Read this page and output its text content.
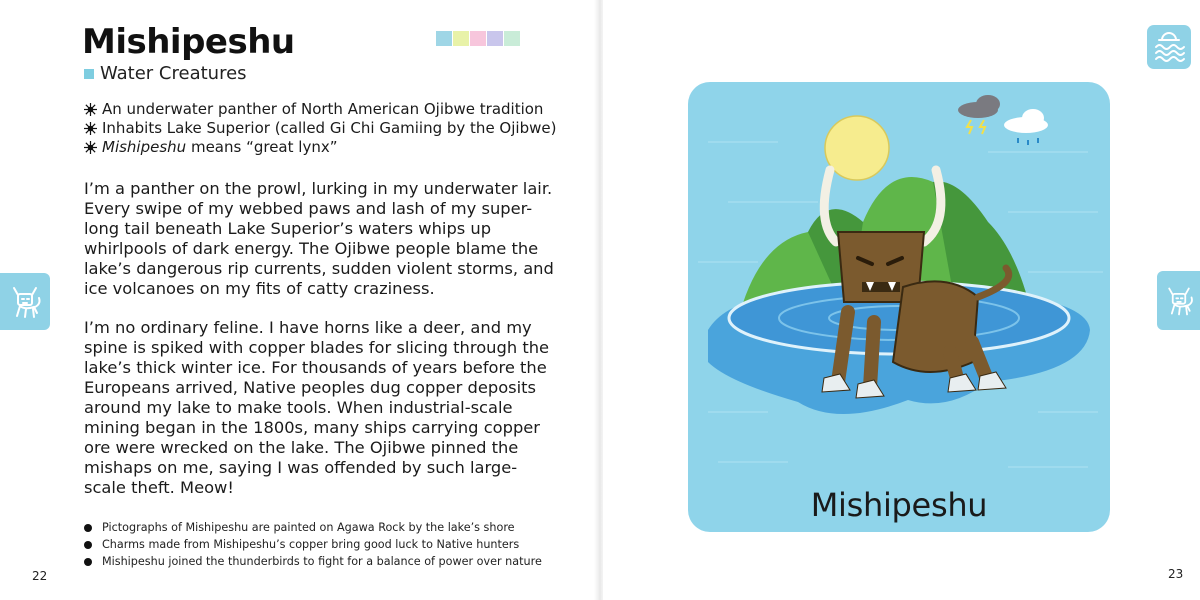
Mishipeshu
Water Creatures
An underwater panther of North American Ojibwe tradition
Inhabits Lake Superior (called Gi Chi Gamiing by the Ojibwe)
Mishipeshu means “great lynx”

I’m a panther on the prowl, lurking in my underwater lair. Every swipe of my webbed paws and lash of my super-long tail beneath Lake Superior’s waters whips up whirlpools of dark energy. The Ojibwe people blame the lake’s dangerous rip currents, sudden violent storms, and ice volcanoes on my fits of catty craziness.

I’m no ordinary feline. I have horns like a deer, and my spine is spiked with copper blades for slicing through the lake’s thick winter ice. For thousands of years before the Europeans arrived, Native peoples dug copper deposits around my lake to make tools. When industrial-scale mining began in the 1800s, many ships carrying copper ore were wrecked on the lake. The Ojibwe pinned the mishaps on me, saying I was offended by such large-scale theft. Meow!

Pictographs of Mishipeshu are painted on Agawa Rock by the lake’s shore
Charms made from Mishipeshu’s copper bring good luck to Native hunters
Mishipeshu joined the thunderbirds to fight for a balance of power over nature
22
Mishipeshu
23
